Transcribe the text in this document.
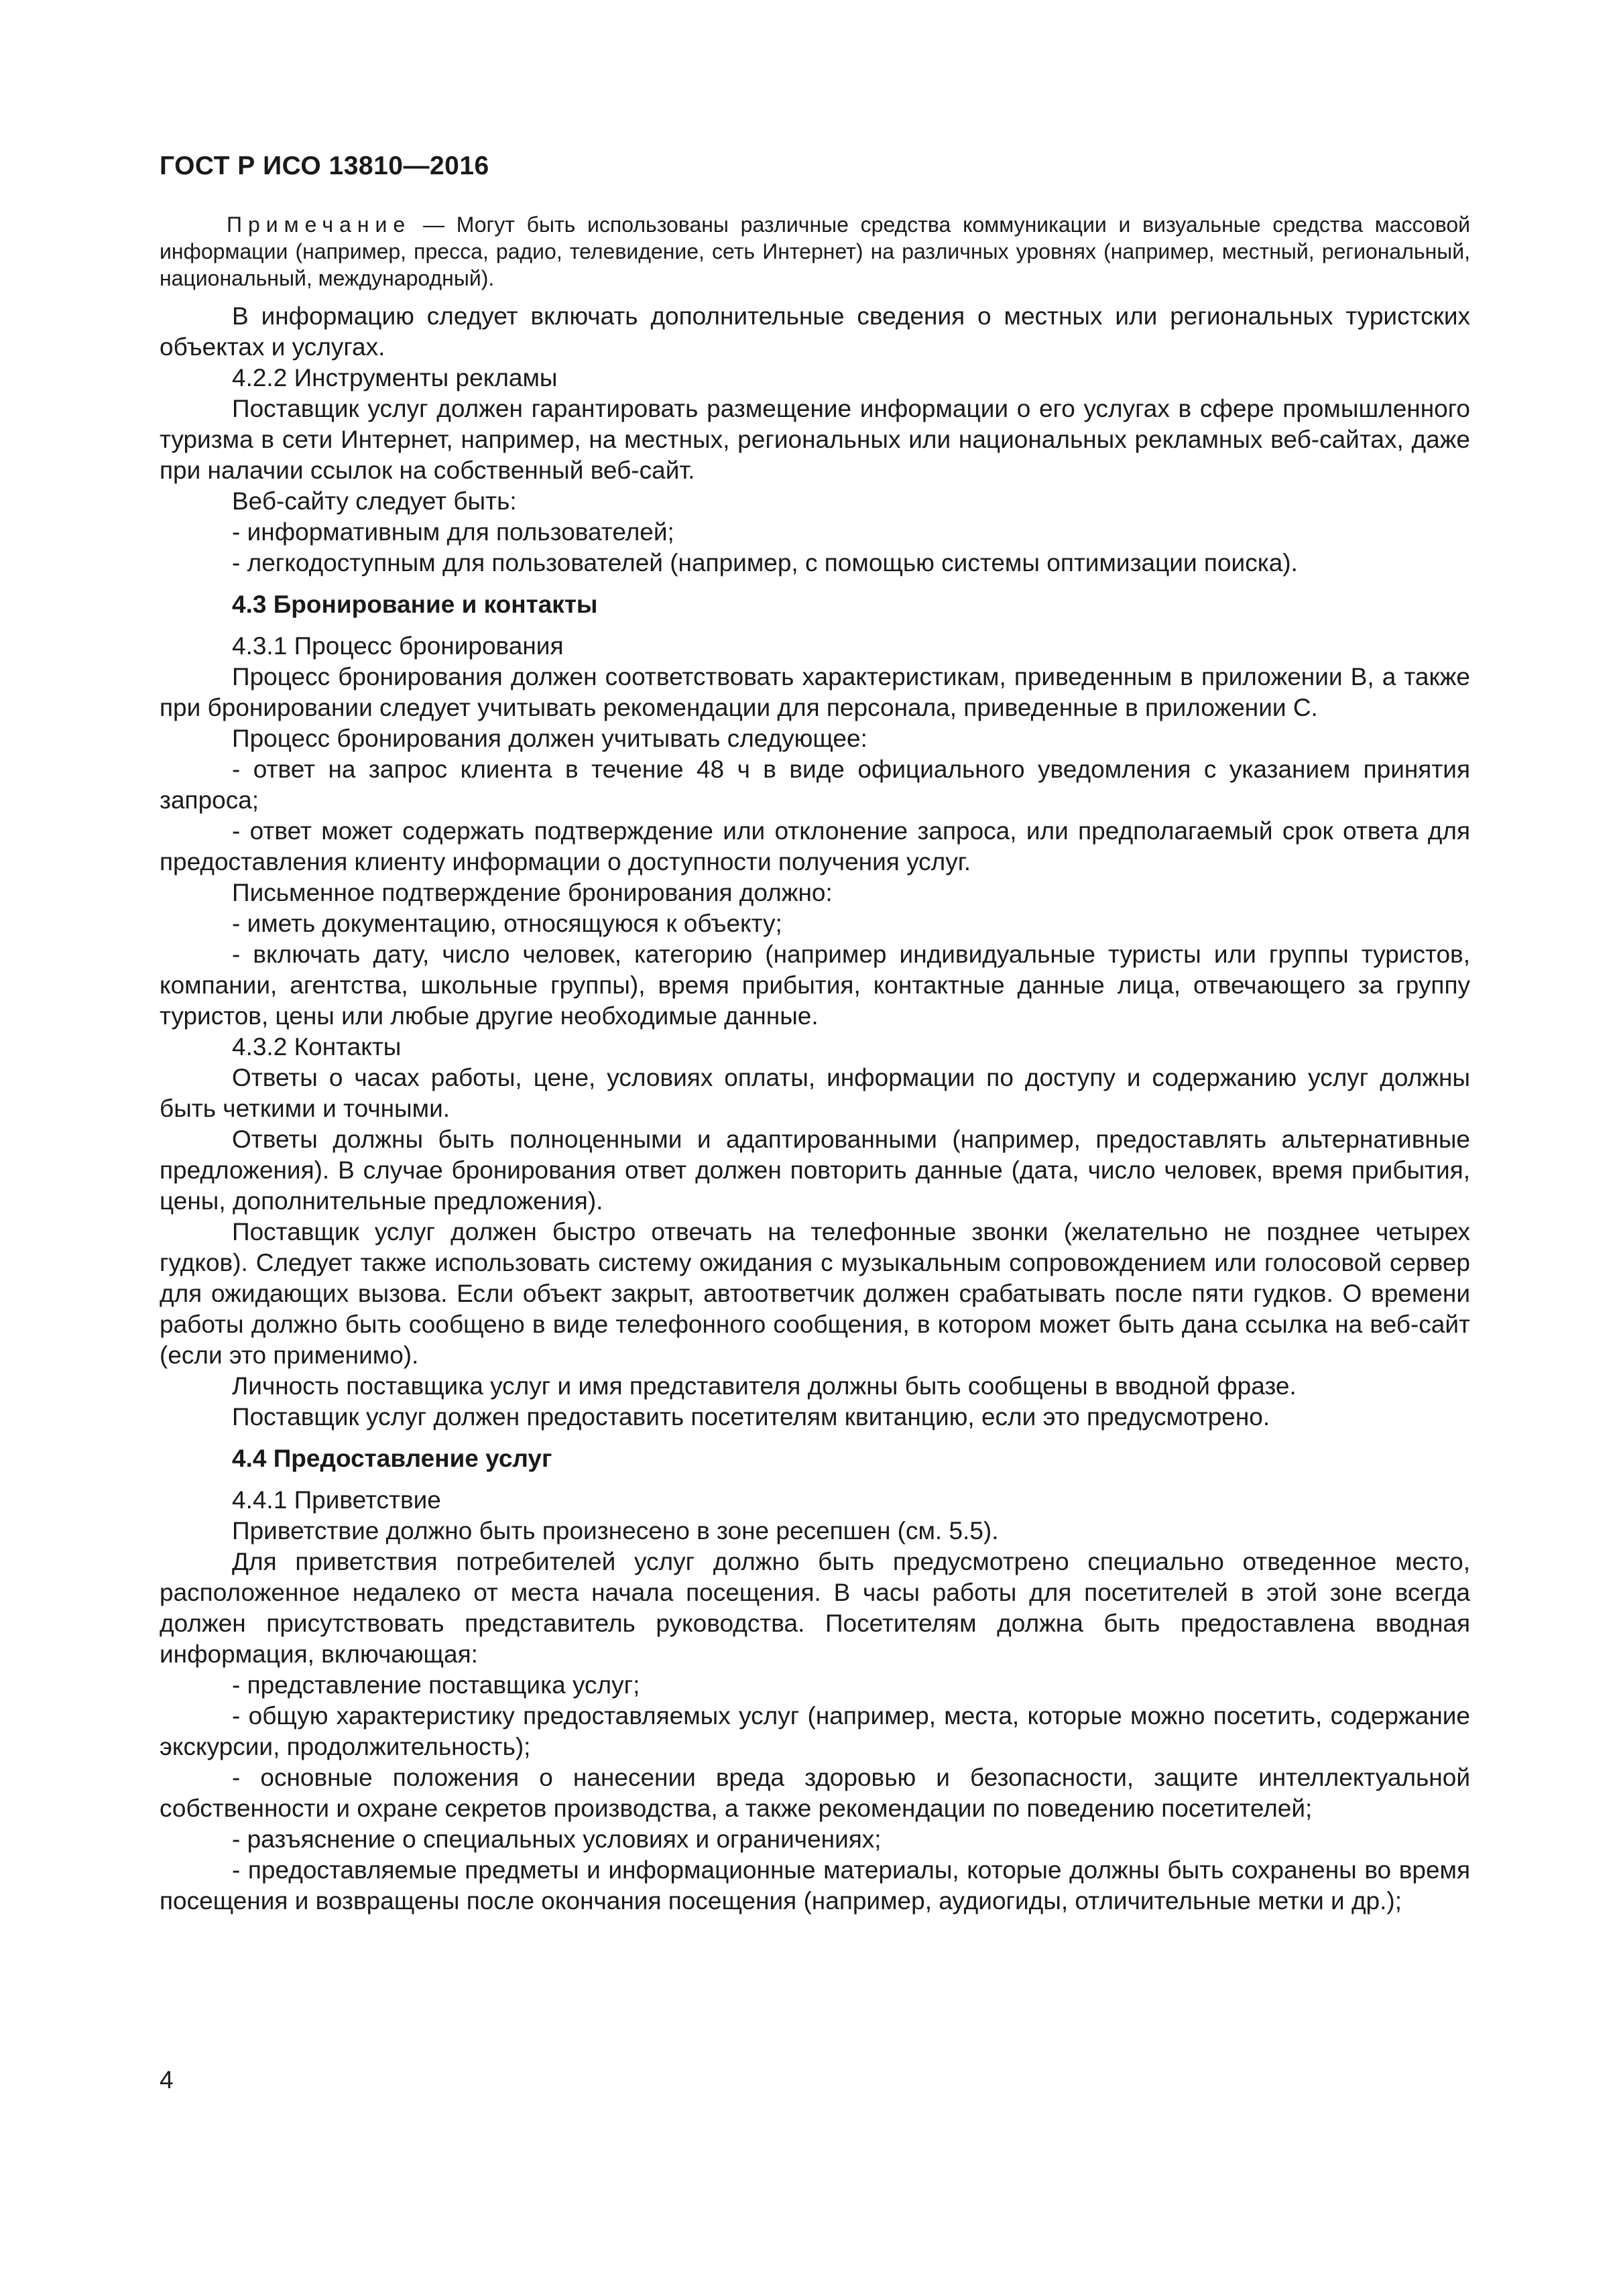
ГОСТ Р ИСО 13810—2016

Примечание — Могут быть использованы различные средства коммуникации и визуальные средства массовой информации (например, пресса, радио, телевидение, сеть Интернет) на различных уровнях (например, местный, региональный, национальный, международный).

В информацию следует включать дополнительные сведения о местных или региональных туристских объектах и услугах.

4.2.2 Инструменты рекламы

Поставщик услуг должен гарантировать размещение информации о его услугах в сфере промышленного туризма в сети Интернет, например, на местных, региональных или национальных рекламных веб-сайтах, даже при налачии ссылок на собственный веб-сайт.

Веб-сайту следует быть:

- информативным для пользователей;

- легкодоступным для пользователей (например, с помощью системы оптимизации поиска).

4.3 Бронирование и контакты

4.3.1 Процесс бронирования

Процесс бронирования должен соответствовать характеристикам, приведенным в приложении В, а также при бронировании следует учитывать рекомендации для персонала, приведенные в приложении С.

Процесс бронирования должен учитывать следующее:

- ответ на запрос клиента в течение 48 ч в виде официального уведомления с указанием принятия запроса;

- ответ может содержать подтверждение или отклонение запроса, или предполагаемый срок ответа для предоставления клиенту информации о доступности получения услуг.

Письменное подтверждение бронирования должно:

- иметь документацию, относящуюся к объекту;

- включать дату, число человек, категорию (например индивидуальные туристы или группы туристов, компании, агентства, школьные группы), время прибытия, контактные данные лица, отвечающего за группу туристов, цены или любые другие необходимые данные.

4.3.2 Контакты

Ответы о часах работы, цене, условиях оплаты, информации по доступу и содержанию услуг должны быть четкими и точными.

Ответы должны быть полноценными и адаптированными (например, предоставлять альтернативные предложения). В случае бронирования ответ должен повторить данные (дата, число человек, время прибытия, цены, дополнительные предложения).

Поставщик услуг должен быстро отвечать на телефонные звонки (желательно не позднее четырех гудков). Следует также использовать систему ожидания с музыкальным сопровождением или голосовой сервер для ожидающих вызова. Если объект закрыт, автоответчик должен срабатывать после пяти гудков. О времени работы должно быть сообщено в виде телефонного сообщения, в котором может быть дана ссылка на веб-сайт (если это применимо).

Личность поставщика услуг и имя представителя должны быть сообщены в вводной фразе.

Поставщик услуг должен предоставить посетителям квитанцию, если это предусмотрено.

4.4 Предоставление услуг

4.4.1 Приветствие

Приветствие должно быть произнесено в зоне ресепшен (см. 5.5).

Для приветствия потребителей услуг должно быть предусмотрено специально отведенное место, расположенное недалеко от места начала посещения. В часы работы для посетителей в этой зоне всегда должен присутствовать представитель руководства. Посетителям должна быть предоставлена вводная информация, включающая:

- представление поставщика услуг;

- общую характеристику предоставляемых услуг (например, места, которые можно посетить, содержание экскурсии, продолжительность);

- основные положения о нанесении вреда здоровью и безопасности, защите интеллектуальной собственности и охране секретов производства, а также рекомендации по поведению посетителей;

- разъяснение о специальных условиях и ограничениях;

- предоставляемые предметы и информационные материалы, которые должны быть сохранены во время посещения и возвращены после окончания посещения (например, аудиогиды, отличительные метки и др.);

4
